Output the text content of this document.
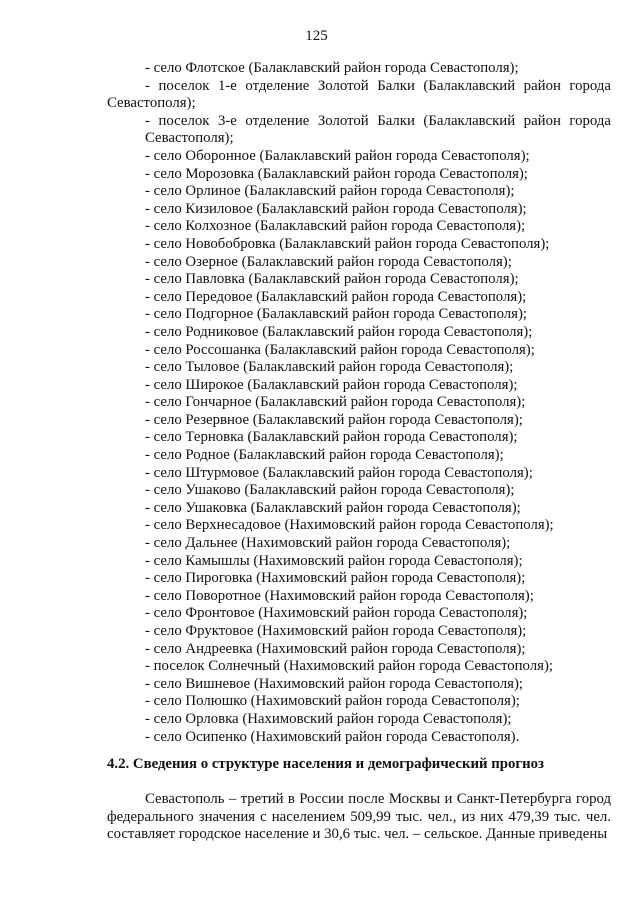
125
- село Флотское (Балаклавский район города Севастополя);
- поселок 1-е отделение Золотой Балки (Балаклавский район города Севастополя);
- поселок 3-е отделение Золотой Балки (Балаклавский район города Севастополя);
- село Оборонное (Балаклавский район города Севастополя);
- село Морозовка (Балаклавский район города Севастополя);
- село Орлиное (Балаклавский район города Севастополя);
- село Кизиловое (Балаклавский район города Севастополя);
- село Колхозное (Балаклавский район города Севастополя);
- село Новобобровка (Балаклавский район города Севастополя);
- село Озерное (Балаклавский район города Севастополя);
- село Павловка (Балаклавский район города Севастополя);
- село Передовое (Балаклавский район города Севастополя);
- село Подгорное (Балаклавский район города Севастополя);
- село Родниковое (Балаклавский район города Севастополя);
- село Россошанка (Балаклавский район города Севастополя);
- село Тыловое (Балаклавский район города Севастополя);
- село Широкое (Балаклавский район города Севастополя);
- село Гончарное (Балаклавский район города Севастополя);
- село Резервное (Балаклавский район города Севастополя);
- село Терновка (Балаклавский район города Севастополя);
- село Родное (Балаклавский район города Севастополя);
- село Штурмовое (Балаклавский район города Севастополя);
- село Ушаково (Балаклавский район города Севастополя);
- село Ушаковка (Балаклавский район города Севастополя);
- село Верхнесадовое (Нахимовский район города Севастополя);
- село Дальнее (Нахимовский район города Севастополя);
- село Камышлы (Нахимовский район города Севастополя);
- село Пироговка (Нахимовский район города Севастополя);
- село Поворотное (Нахимовский район города Севастополя);
- село Фронтовое (Нахимовский район города Севастополя);
- село Фруктовое (Нахимовский район города Севастополя);
- село Андреевка (Нахимовский район города Севастополя);
- поселок Солнечный (Нахимовский район города Севастополя);
- село Вишневое (Нахимовский район города Севастополя);
- село Полюшко (Нахимовский район города Севастополя);
- село Орловка (Нахимовский район города Севастополя);
- село Осипенко (Нахимовский район города Севастополя).
4.2. Сведения о структуре населения и демографический прогноз
Севастополь – третий в России после Москвы и Санкт-Петербурга город федерального значения с населением 509,99 тыс. чел., из них 479,39 тыс. чел. составляет городское население и 30,6 тыс. чел. – сельское. Данные приведены
